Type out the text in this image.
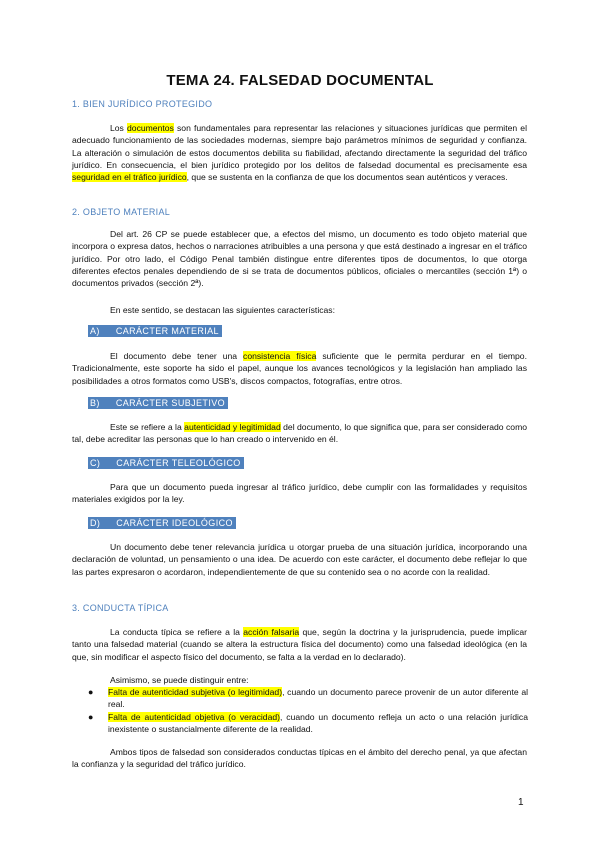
TEMA 24. FALSEDAD DOCUMENTAL
1. BIEN JURÍDICO PROTEGIDO

Los documentos son fundamentales para representar las relaciones y situaciones jurídicas que permiten el adecuado funcionamiento de las sociedades modernas, siempre bajo parámetros mínimos de seguridad y confianza. La alteración o simulación de estos documentos debilita su fiabilidad, afectando directamente la seguridad del tráfico jurídico. En consecuencia, el bien jurídico protegido por los delitos de falsedad documental es precisamente esa seguridad en el tráfico jurídico, que se sustenta en la confianza de que los documentos sean auténticos y veraces.

2. OBJETO MATERIAL

Del art. 26 CP se puede establecer que, a efectos del mismo, un documento es todo objeto material que incorpora o expresa datos, hechos o narraciones atribuibles a una persona y que está destinado a ingresar en el tráfico jurídico. Por otro lado, el Código Penal también distingue entre diferentes tipos de documentos, lo que otorga diferentes efectos penales dependiendo de si se trata de documentos públicos, oficiales o mercantiles (sección 1ª) o documentos privados (sección 2ª).

En este sentido, se destacan las siguientes características:

A) CARÁCTER MATERIAL

El documento debe tener una consistencia física suficiente que le permita perdurar en el tiempo. Tradicionalmente, este soporte ha sido el papel, aunque los avances tecnológicos y la legislación han ampliado las posibilidades a otros formatos como USB's, discos compactos, fotografías, entre otros.

B) CARÁCTER SUBJETIVO

Este se refiere a la autenticidad y legitimidad del documento, lo que significa que, para ser considerado como tal, debe acreditar las personas que lo han creado o intervenido en él.

C) CARÁCTER TELEOLÓGICO

Para que un documento pueda ingresar al tráfico jurídico, debe cumplir con las formalidades y requisitos materiales exigidos por la ley.

D) CARÁCTER IDEOLÓGICO

Un documento debe tener relevancia jurídica u otorgar prueba de una situación jurídica, incorporando una declaración de voluntad, un pensamiento o una idea. De acuerdo con este carácter, el documento debe reflejar lo que las partes expresaron o acordaron, independientemente de que su contenido sea o no acorde con la realidad.

3. CONDUCTA TÍPICA

La conducta típica se refiere a la acción falsaria que, según la doctrina y la jurisprudencia, puede implicar tanto una falsedad material (cuando se altera la estructura física del documento) como una falsedad ideológica (en la que, sin modificar el aspecto físico del documento, se falta a la verdad en lo declarado).

Asimismo, se puede distinguir entre:

● Falta de autenticidad subjetiva (o legitimidad), cuando un documento parece provenir de un autor diferente al real.
● Falta de autenticidad objetiva (o veracidad), cuando un documento refleja un acto o una relación jurídica inexistente o sustancialmente diferente de la realidad.

Ambos tipos de falsedad son considerados conductas típicas en el ámbito del derecho penal, ya que afectan la confianza y la seguridad del tráfico jurídico.

1
